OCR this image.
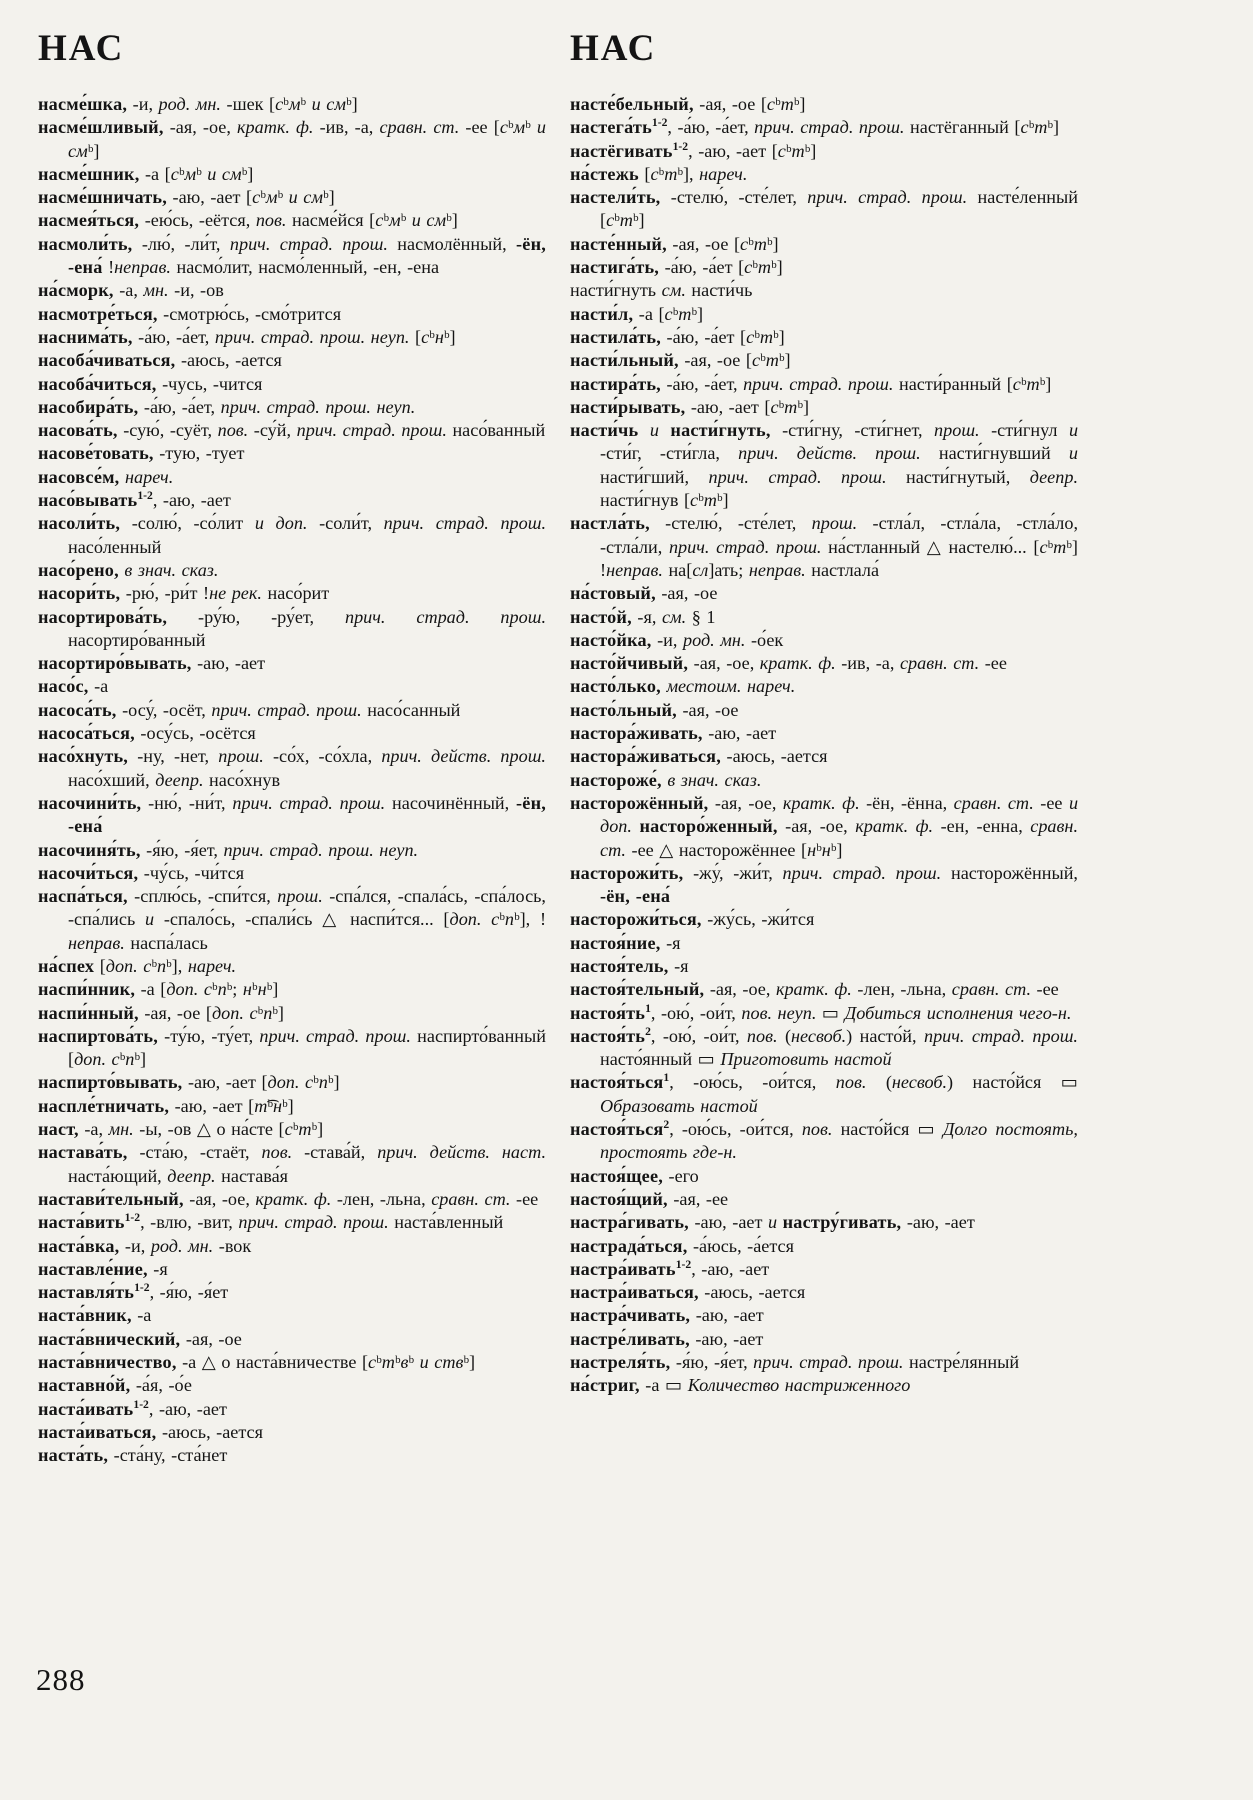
НАС

насме́шка, -и, род. мн. -шек [сᵇмᵇ и смᵇ]

насме́шливый, -ая, -ое, кратк. ф. -ив, -а, сравн. ст. -ее [сᵇмᵇ и смᵇ]

насме́шник, -а [сᵇмᵇ и смᵇ]

насме́шничать, -аю, -ает [сᵇмᵇ и смᵇ]

насмея́ться, -ею́сь, -еётся, пов. насме́йся [сᵇмᵇ и смᵇ]

насмоли́ть, -лю́, -ли́т, прич. страд. прош. насмолённый, -ён, -ена́ !неправ. насмо́лит, насмо́ленный, -ен, -ена

на́сморк, -а, мн. -и, -ов

насмотре́ться, -смотрю́сь, -смо́трится

наснима́ть, -а́ю, -а́ет, прич. страд. прош. неуп. [сᵇнᵇ]

насоба́чиваться, -аюсь, -ается

насоба́читься, -чусь, -чится

насобира́ть, -а́ю, -а́ет, прич. страд. прош. неуп.

насова́ть, -сую́, -суёт, пов. -су́й, прич. страд. прош. насо́ванный

насове́товать, -тую, -тует

насовсе́м, нареч.

насо́вывать$^{1-2}$, -аю, -ает

насоли́ть, -солю́, -со́лит и доп. -соли́т, прич. страд. прош. насо́ленный

насо́рено, в знач. сказ.

насори́ть, -рю́, -ри́т !не рек. насо́рит

насортирова́ть, -ру́ю, -ру́ет, прич. страд. прош. насортиро́ванный

насортиро́вывать, -аю, -ает

насо́с, -а

насоса́ть, -осу́, -осёт, прич. страд. прош. насо́санный

насоса́ться, -осу́сь, -осётся

насо́хнуть, -ну, -нет, прош. -со́х, -со́хла, прич. действ. прош. насо́хший, деепр. насо́хнув

насочини́ть, -ню́, -ни́т, прич. страд. прош. насочинённый, -ён, -ена́

насочиня́ть, -я́ю, -я́ет, прич. страд. прош. неуп.

насочи́ться, -чу́сь, -чи́тся

наспа́ться, -сплю́сь, -спи́тся, прош. -спа́лся, -спала́сь, -спа́лось, -спа́лись и -спало́сь, -спали́сь △ наспи́тся... [доп. сᵇпᵇ], !неправ. наспа́лась

на́спех [доп. сᵇпᵇ], нареч.

наспи́нник, -а [доп. сᵇпᵇ; нᵇнᵇ]

наспи́нный, -ая, -ое [доп. сᵇпᵇ]

наспиртова́ть, -ту́ю, -ту́ет, прич. страд. прош. наспирто́ванный [доп. сᵇпᵇ]

наспирто́вывать, -аю, -ает [доп. сᵇпᵇ]

наспле́тничать, -аю, -ает [т͡ᵇнᵇ]

наст, -а, мн. -ы, -ов △ о на́сте [сᵇтᵇ]

настава́ть, -ста́ю, -стаёт, пов. -става́й, прич. действ. наст. наста́ющий, деепр. настава́я

настави́тельный, -ая, -ое, кратк. ф. -лен, -льна, сравн. ст. -ее

наста́вить$^{1-2}$, -влю, -вит, прич. страд. прош. наста́вленный

наста́вка, -и, род. мн. -вок

наставле́ние, -я

$наставля́ть^{1-2}$, -я́ю, -я́ет

наста́вник, -а

наста́внический, -ая, -ое

наста́вничество, -а △ о наста́вничестве [сᵇтᵇвᵇ и ствᵇ]

наставно́й, -а́я, -о́е

наста́ивать$^{1-2}$, -аю, -ает

наста́иваться, -аюсь, -ается

наста́ть, -ста́ну, -ста́нет

НАС

насте́бельный, -ая, -ое [сᵇтᵇ]

$настега́ть^{1-2}$, -а́ю, -а́ет, прич. страд. прош. настёганный [сᵇтᵇ]

настёгивать$^{1-2}$, -аю, -ает [сᵇтᵇ]

на́стежь [сᵇтᵇ], нареч.

настели́ть, -стелю́, -сте́лет, прич. страд. прош. насте́ленный [сᵇтᵇ]

насте́нный, -ая, -ое [сᵇтᵇ]

настига́ть, -а́ю, -а́ет [сᵇтᵇ]

насти́гнуть см. насти́чь

насти́л, -а [сᵇтᵇ]

настила́ть, -а́ю, -а́ет [сᵇтᵇ]

насти́льный, -ая, -ое [сᵇтᵇ]

настира́ть, -а́ю, -а́ет, прич. страд. прош. насти́ранный [сᵇтᵇ]

насти́рывать, -аю, -ает [сᵇтᵇ]

насти́чь и насти́гнуть, -сти́гну, -сти́гнет, прош. -сти́гнул и -сти́г, -сти́гла, прич. действ. прош. насти́гнувший и насти́гший, прич. страд. прош. насти́гнутый, деепр. насти́гнув [сᵇтᵇ]

настла́ть, -стелю́, -сте́лет, прош. -стла́л, -стла́ла, -стла́ло, -стла́ли, прич. страд. прош. на́стланный △ настелю́... [сᵇтᵇ] !неправ. на[сл]ать; неправ. настлала́

на́стовый, -ая, -ое

насто́й, -я, см. § 1

насто́йка, -и, род. мн. -о́ек

насто́йчивый, -ая, -ое, кратк. ф. -ив, -а, сравн. ст. -ее

насто́лько, местоим. нареч.

насто́льный, -ая, -ое

настора́живать, -аю, -ает

настора́живаться, -аюсь, -ается

настороже́, в знач. сказ.

насторожённый, -ая, -ое, кратк. ф. -ён, -ённа, сравн. ст. -ее и доп. насторо́женный, -ая, -ое, кратк. ф. -ен, -енна, сравн. ст. -ее △ насторожённее [нᵇнᵇ]

насторожи́ть, -жу́, -жи́т, прич. страд. прош. насторожённый, -ён, -ена́

насторожи́ться, -жу́сь, -жи́тся

настоя́ние, -я

настоя́тель, -я

настоя́тельный, -ая, -ое, кратк. ф. -лен, -льна, сравн. ст. -ее

$настоя́ть^1$, -ою́, -ои́т, пов. неуп. ▭ Добиться исполнения чего-н.

$настоя́ть^2$, -ою́, -ои́т, пов. (несвоб.) насто́й, прич. страд. прош. насто́янный ▭ Приготовить настой

настоя́ться$^1$, -ою́сь, -ои́тся, пов. (несвоб.) насто́йся ▭ Образовать настой

настоя́ться$^2$, -ою́сь, -ои́тся, пов. насто́йся ▭ Долго постоять, простоять где-н.

настоя́щее, -его

настоя́щий, -ая, -ее

настра́гивать, -аю, -ает и настру́гивать, -аю, -ает

настрада́ться, -а́юсь, -а́ется

настра́ивать$^{1-2}$, -аю, -ает

настра́иваться, -аюсь, -ается

настра́чивать, -аю, -ает

настре́ливать, -аю, -ает

настреля́ть, -я́ю, -я́ет, прич. страд. прош. настре́лянный

на́стриг, -а ▭ Количество настриженного

288
